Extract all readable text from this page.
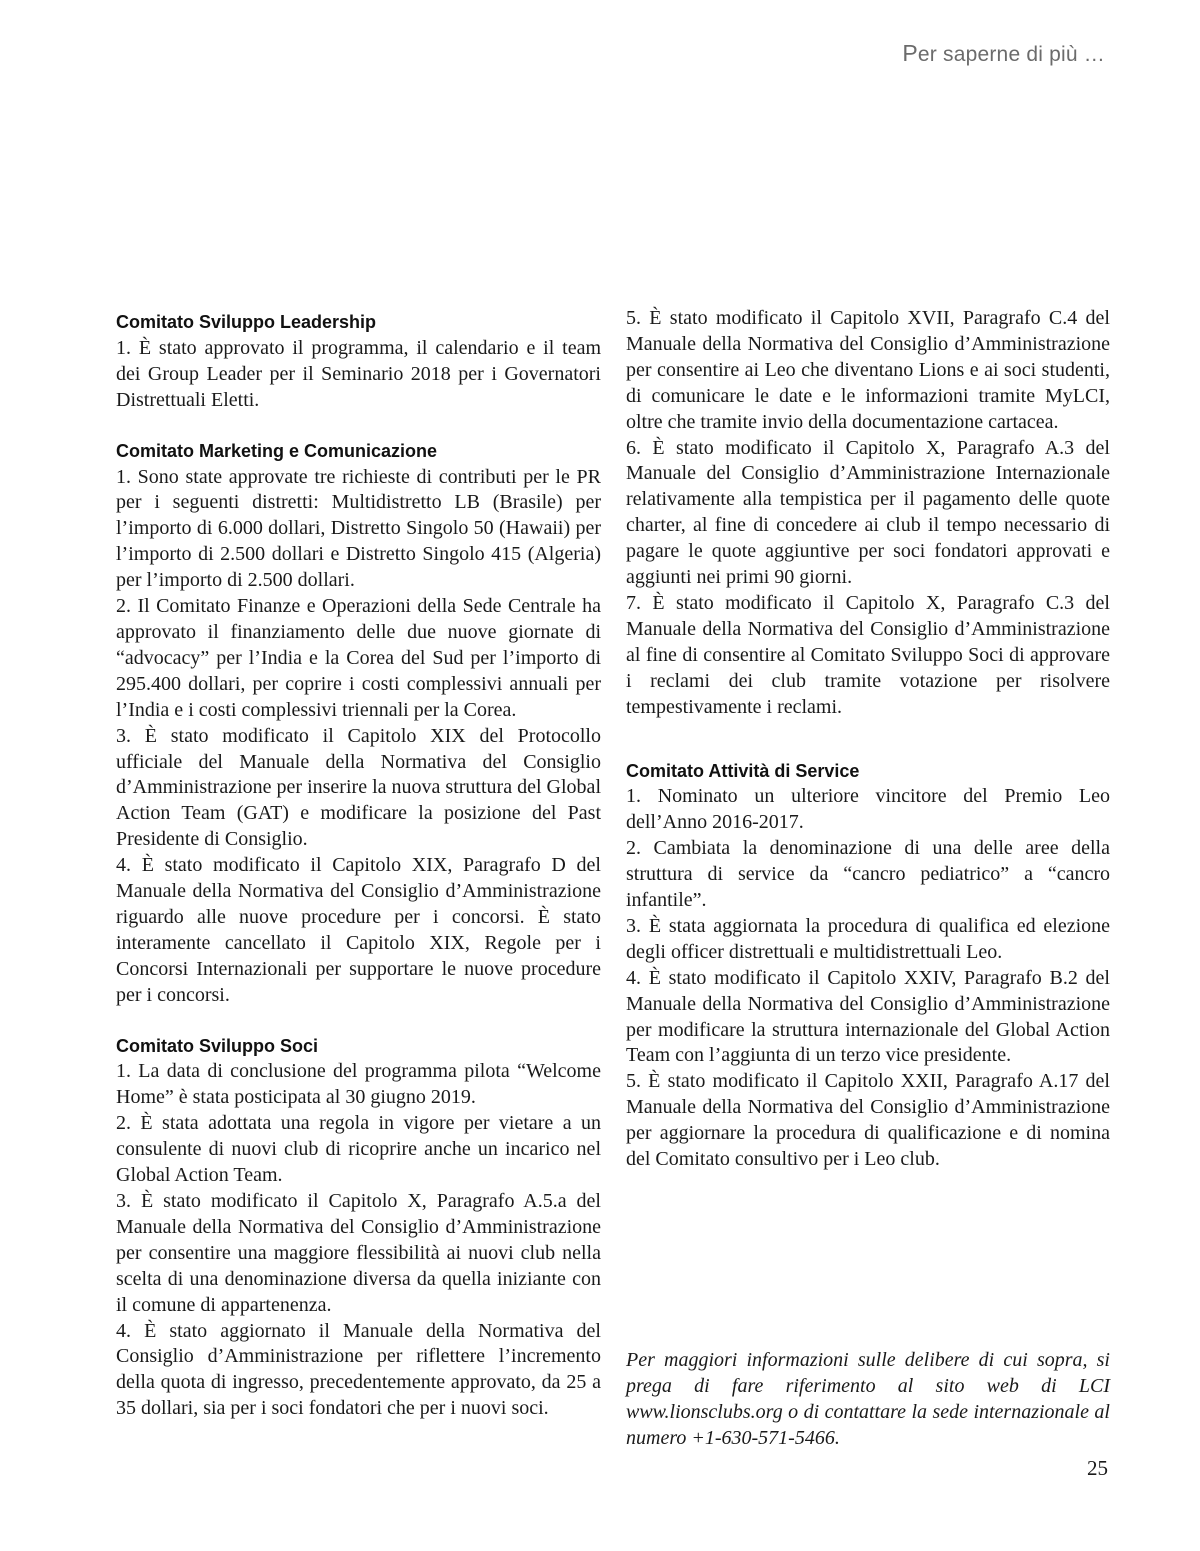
Per saperne di più …
Comitato Sviluppo Leadership

1. È stato approvato il programma, il calendario e il team dei Group Leader per il Seminario 2018 per i Governatori Distrettuali Eletti.

Comitato Marketing e Comunicazione

1. Sono state approvate tre richieste di contributi per le PR per i seguenti distretti: Multidistretto LB (Brasile) per l’importo di 6.000 dollari, Distretto Singolo 50 (Hawaii) per l’importo di 2.500 dollari e Distretto Singolo 415 (Algeria) per l’importo di 2.500 dollari.

2. Il Comitato Finanze e Operazioni della Sede Centrale ha approvato il finanziamento delle due nuove giornate di “advocacy” per l’India e la Corea del Sud per l’importo di 295.400 dollari, per coprire i costi complessivi annuali per l’India e i costi complessivi triennali per la Corea.

3. È stato modificato il Capitolo XIX del Protocollo ufficiale del Manuale della Normativa del Consiglio d’Amministrazione per inserire la nuova struttura del Global Action Team (GAT) e modificare la posizione del Past Presidente di Consiglio.

4. È stato modificato il Capitolo XIX, Paragrafo D del Manuale della Normativa del Consiglio d’Amministrazione riguardo alle nuove procedure per i concorsi. È stato interamente cancellato il Capitolo XIX, Regole per i Concorsi Internazionali per supportare le nuove procedure per i concorsi.

Comitato Sviluppo Soci

1. La data di conclusione del programma pilota “Welcome Home” è stata posticipata al 30 giugno 2019.

2. È stata adottata una regola in vigore per vietare a un consulente di nuovi club di ricoprire anche un incarico nel Global Action Team.

3. È stato modificato il Capitolo X, Paragrafo A.5.a del Manuale della Normativa del Consiglio d’Amministrazione per consentire una maggiore flessibilità ai nuovi club nella scelta di una denominazione diversa da quella iniziante con il comune di appartenenza.

4. È stato aggiornato il Manuale della Normativa del Consiglio d’Amministrazione per riflettere l’incremento della quota di ingresso, precedentemente approvato, da 25 a 35 dollari, sia per i soci fondatori che per i nuovi soci.

5. È stato modificato il Capitolo XVII, Paragrafo C.4 del Manuale della Normativa del Consiglio d’Amministrazione per consentire ai Leo che diventano Lions e ai soci studenti, di comunicare le date e le informazioni tramite MyLCI, oltre che tramite invio della documentazione cartacea.

6. È stato modificato il Capitolo X, Paragrafo A.3 del Manuale del Consiglio d’Amministrazione Internazionale relativamente alla tempistica per il pagamento delle quote charter, al fine di concedere ai club il tempo necessario di pagare le quote aggiuntive per soci fondatori approvati e aggiunti nei primi 90 giorni.

7. È stato modificato il Capitolo X, Paragrafo C.3 del Manuale della Normativa del Consiglio d’Amministrazione al fine di consentire al Comitato Sviluppo Soci di approvare i reclami dei club tramite votazione per risolvere tempestivamente i reclami.

Comitato Attività di Service

1. Nominato un ulteriore vincitore del Premio Leo dell’Anno 2016-2017.

2. Cambiata la denominazione di una delle aree della struttura di service da “cancro pediatrico” a “cancro infantile”.

3. È stata aggiornata la procedura di qualifica ed elezione degli officer distrettuali e multidistrettuali Leo.

4. È stato modificato il Capitolo XXIV, Paragrafo B.2 del Manuale della Normativa del Consiglio d’Amministrazione per modificare la struttura internazionale del Global Action Team con l’aggiunta di un terzo vice presidente.

5. È stato modificato il Capitolo XXII, Paragrafo A.17 del Manuale della Normativa del Consiglio d’Amministrazione per aggiornare la procedura di qualificazione e di nomina del Comitato consultivo per i Leo club.

Per maggiori informazioni sulle delibere di cui sopra, si prega di fare riferimento al sito web di LCI www.lionsclubs.org o di contattare la sede internazionale al numero +1-630-571-5466.
25
